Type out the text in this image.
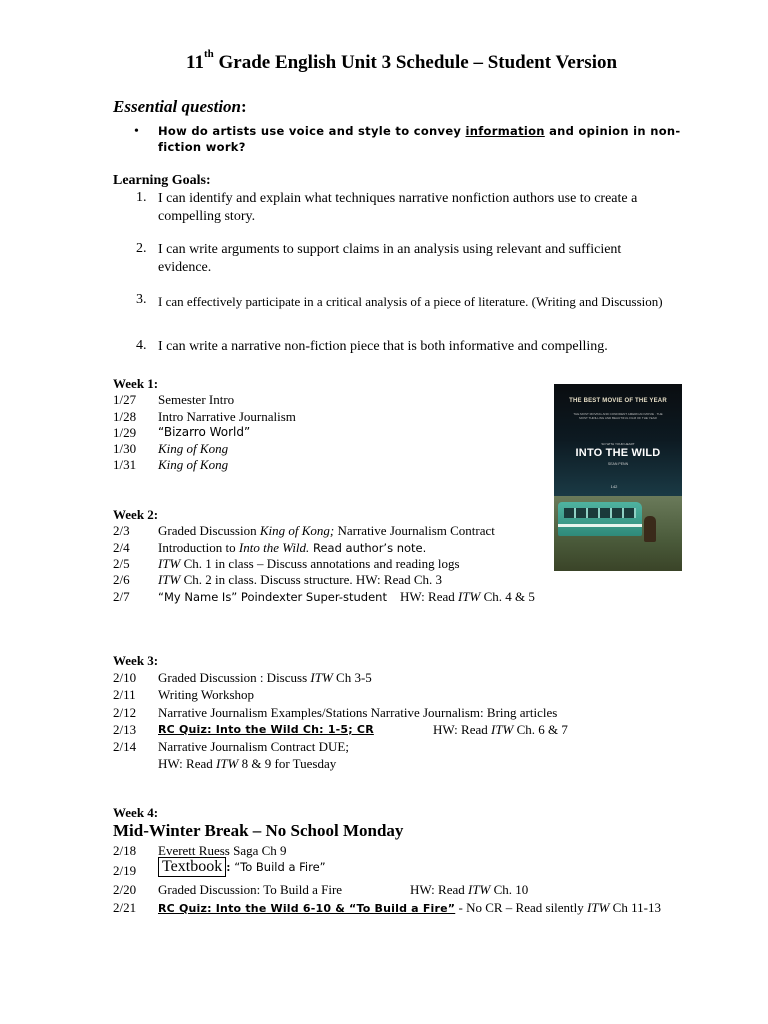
11th Grade English Unit 3 Schedule – Student Version
Essential question:
• How do artists use voice and style to convey information and opinion in non-fiction work?
Learning Goals:
1. I can identify and explain what techniques narrative nonfiction authors use to create a compelling story.
2. I can write arguments to support claims in an analysis using relevant and sufficient evidence.
3. I can effectively participate in a critical analysis of a piece of literature. (Writing and Discussion)
4. I can write a narrative non-fiction piece that is both informative and compelling.
Week 1:
1/27 Semester Intro
1/28 Intro Narrative Journalism
1/29 “Bizarro World”
1/30 King of Kong
1/31 King of Kong
THE BEST MOVIE OF THE YEAR
THE MOST MOVING AND CONFIDENT AMERICAN MOVIE · THE MOST THRILLING AND BEAUTIFUL FILM OF THE YEAR
SO WITH YOUR HEART
INTO THE WILD
SEAN PENN
142
Week 2:
2/3 Graded Discussion King of Kong; Narrative Journalism Contract
2/4 Introduction to Into the Wild. Read author’s note.
2/5 ITW Ch. 1 in class – Discuss annotations and reading logs
2/6 ITW Ch. 2 in class. Discuss structure. HW: Read Ch. 3
2/7 “My Name Is” Poindexter Super-student HW: Read ITW Ch. 4 & 5
Week 3:
2/10 Graded Discussion : Discuss ITW Ch 3-5
2/11 Writing Workshop
2/12 Narrative Journalism Examples/Stations Narrative Journalism: Bring articles
2/13 RC Quiz: Into the Wild Ch: 1-5; CR	HW: Read ITW Ch. 6 & 7
2/14 Narrative Journalism Contract DUE;
HW: Read ITW 8 & 9 for Tuesday
Week 4:
Mid-Winter Break – No School Monday
2/18 Everett Ruess Saga Ch 9
2/19 Textbook : “To Build a Fire”
2/20 Graded Discussion: To Build a Fire	HW: Read ITW Ch. 10
2/21 RC Quiz: Into the Wild 6-10 & “To Build a Fire” - No CR – Read silently ITW Ch 11-13
